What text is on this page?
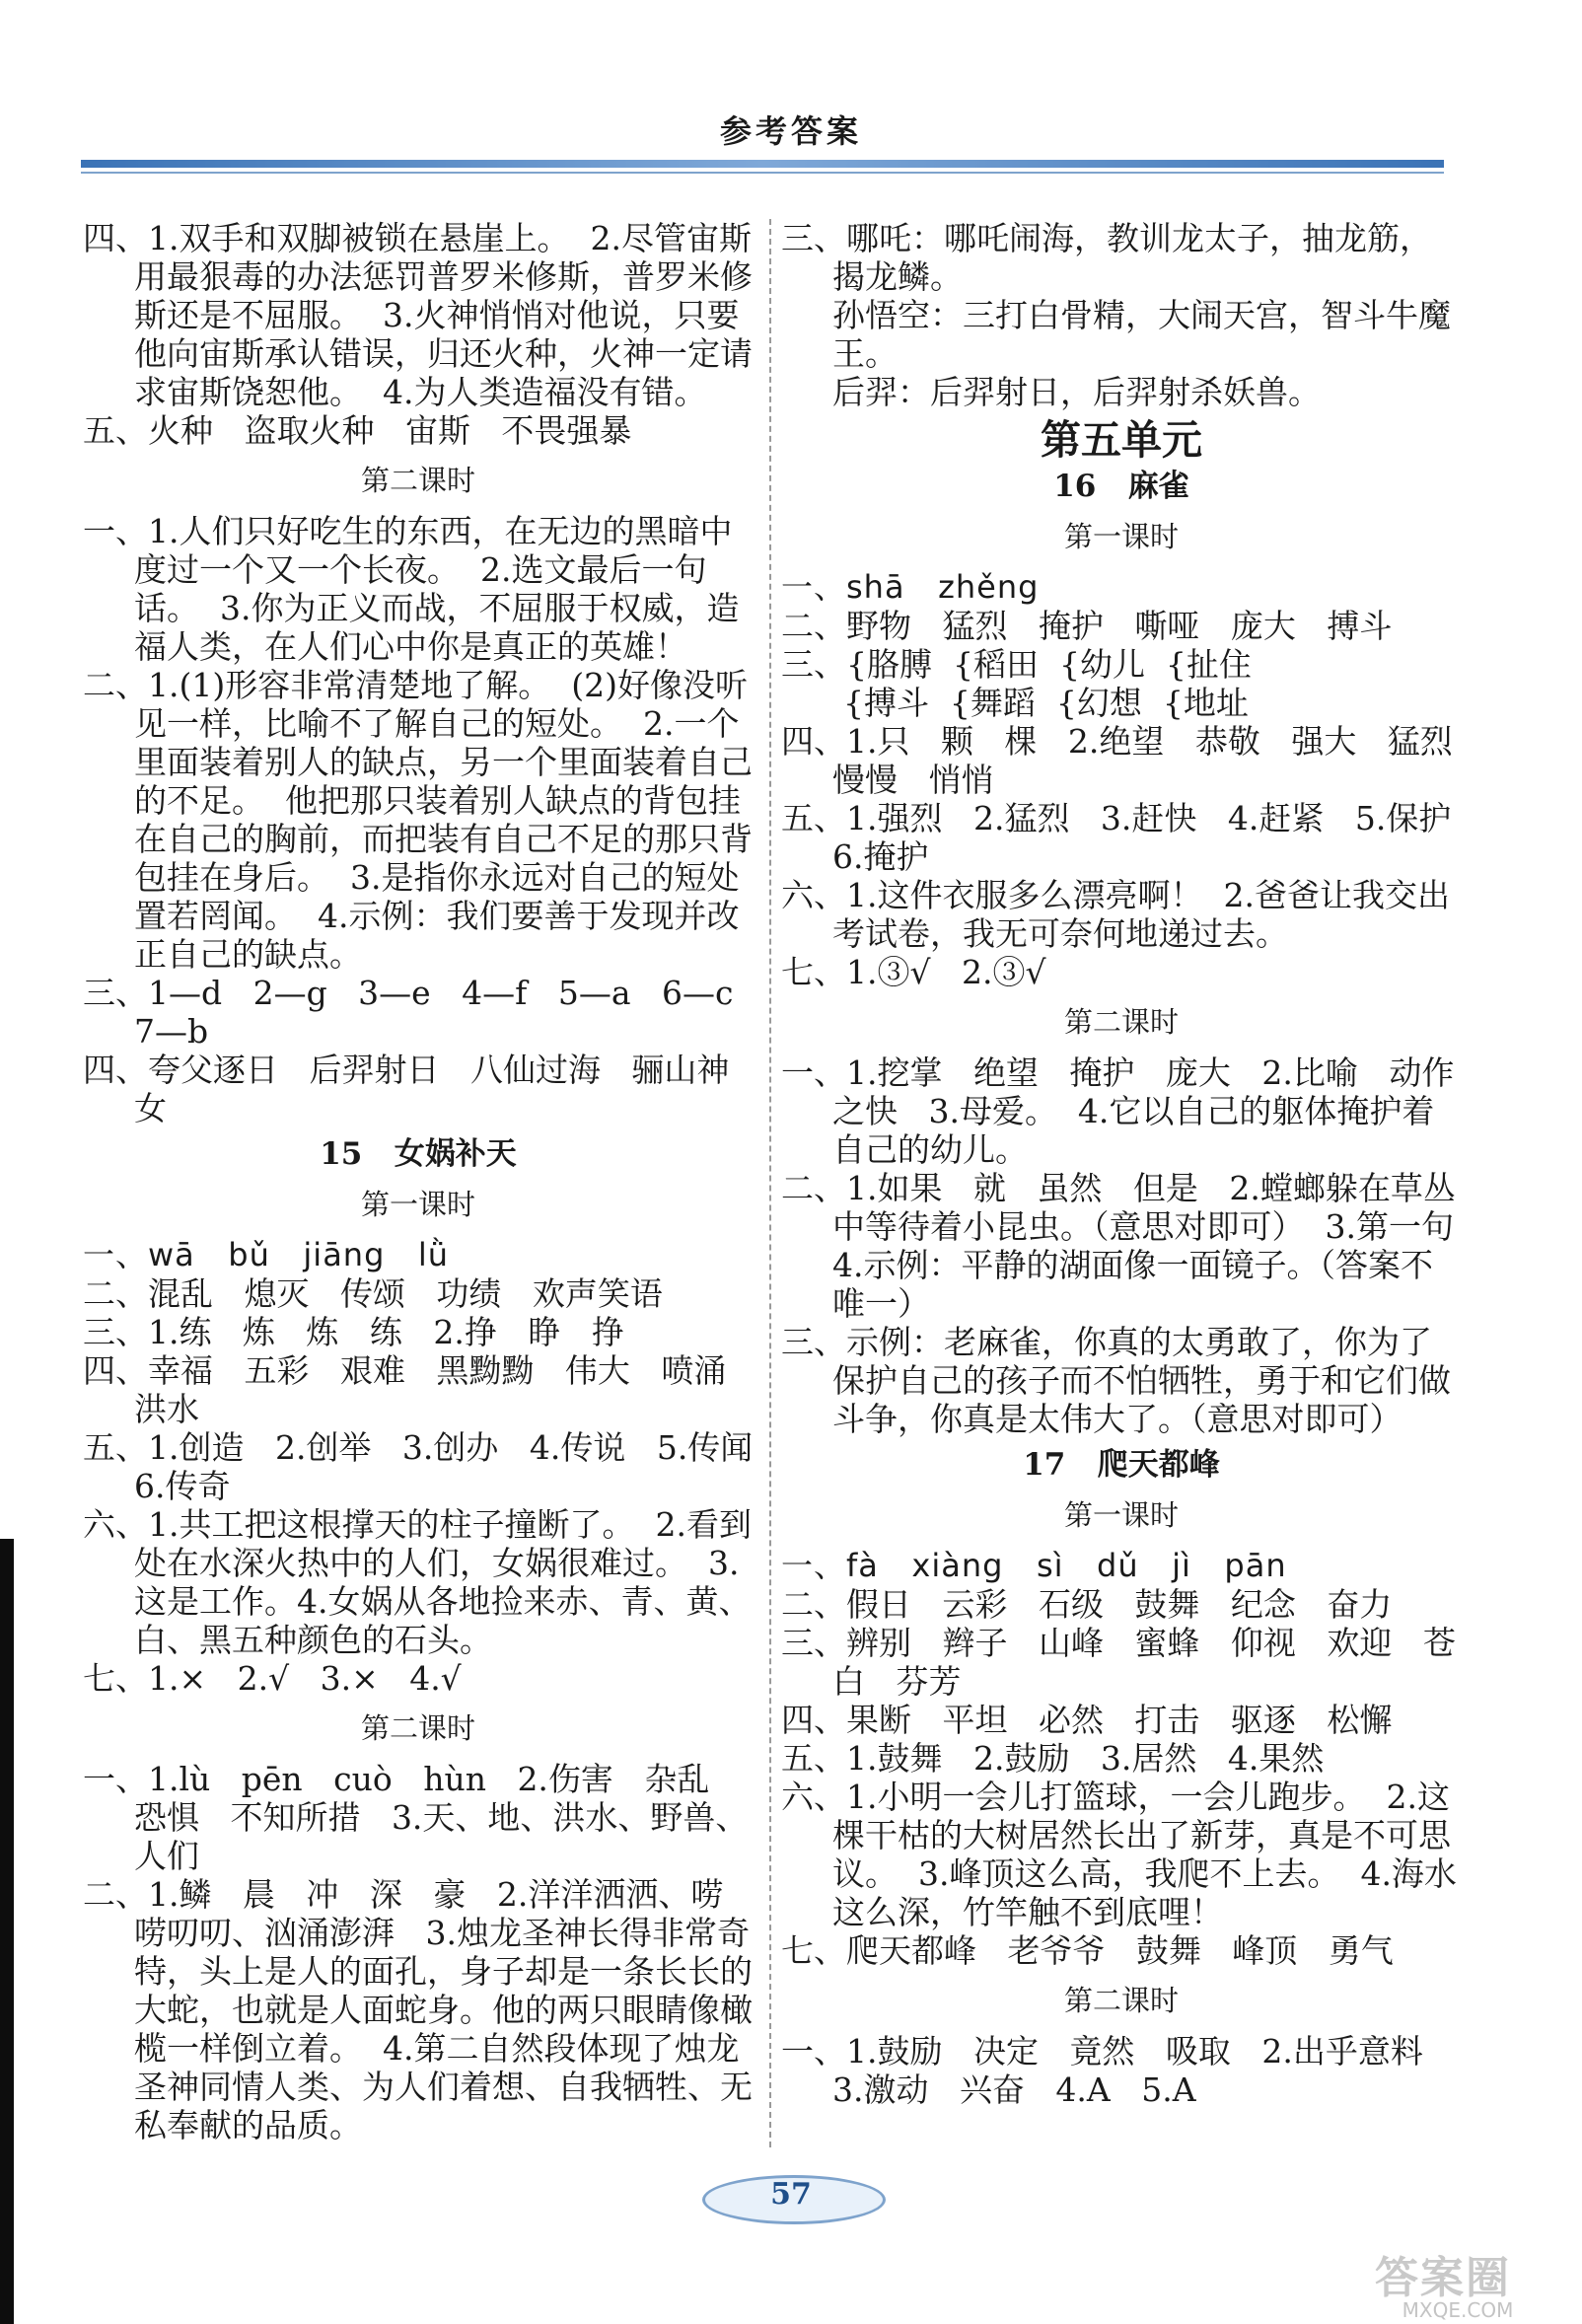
参考答案
四、1.双手和双脚被锁在悬崖上。  2.尽管宙斯用最狠毒的办法惩罚普罗米修斯，普罗米修斯还是不屈服。  3.火神悄悄对他说，只要他向宙斯承认错误，归还火种，火神一定请求宙斯饶恕他。  4.为人类造福没有错。
五、火种   盗取火种   宙斯   不畏强暴
第二课时
一、1.人们只好吃生的东西，在无边的黑暗中度过一个又一个长夜。  2.选文最后一句话。  3.你为正义而战，不屈服于权威，造福人类，在人们心中你是真正的英雄！
二、1.(1)形容非常清楚地了解。  (2)好像没听见一样，比喻不了解自己的短处。  2.一个里面装着别人的缺点，另一个里面装着自己的不足。  他把那只装着别人缺点的背包挂在自己的胸前，而把装有自己不足的那只背包挂在身后。  3.是指你永远对自己的短处置若罔闻。  4.示例：我们要善于发现并改正自己的缺点。
三、1—d   2—g   3—e   4—f   5—a   6—c   7—b
四、夸父逐日   后羿射日   八仙过海   骊山神女
15   女娲补天
第一课时
一、wā   bǔ   jiāng   lǜ
二、混乱   熄灭   传颂   功绩   欢声笑语
三、1.练   炼   炼   练   2.挣   睁   挣
四、幸福   五彩   艰难   黑黝黝   伟大   喷涌   洪水
五、1.创造   2.创举   3.创办   4.传说   5.传闻   6.传奇
六、1.共工把这根撑天的柱子撞断了。  2.看到处在水深火热中的人们，女娲很难过。  3.这是工作。4.女娲从各地捡来赤、青、黄、白、黑五种颜色的石头。
七、1.×   2.√   3.×   4.√
第二课时
一、1.lù   pēn   cuò   hùn   2.伤害   杂乱   恐惧   不知所措   3.天、地、洪水、野兽、人们
二、1.鳞   晨   冲   深   豪   2.洋洋洒洒、唠唠叨叨、汹涌澎湃   3.烛龙圣神长得非常奇特，头上是人的面孔，身子却是一条长长的大蛇，也就是人面蛇身。他的两只眼睛像橄榄一样倒立着。  4.第二自然段体现了烛龙圣神同情人类、为人们着想、自我牺牲、无私奉献的品质。
三、哪吒：哪吒闹海，教训龙太子，抽龙筋，揭龙鳞。
孙悟空：三打白骨精，大闹天宫，智斗牛魔王。
后羿：后羿射日，后羿射杀妖兽。
第五单元
16   麻雀
第一课时
一、shā   zhěng
二、野物   猛烈   掩护   嘶哑   庞大   搏斗
三、{胳膊  {稻田  {幼儿  {扯住
{搏斗  {舞蹈  {幻想  {地址
四、1.只   颗   棵   2.绝望   恭敬   强大   猛烈   慢慢   悄悄
五、1.强烈   2.猛烈   3.赶快   4.赶紧   5.保护   6.掩护
六、1.这件衣服多么漂亮啊！  2.爸爸让我交出考试卷，我无可奈何地递过去。
七、1.③√   2.③√
第二课时
一、1.挖掌   绝望   掩护   庞大   2.比喻   动作之快   3.母爱。  4.它以自己的躯体掩护着自己的幼儿。
二、1.如果   就   虽然   但是   2.螳螂躲在草丛中等待着小昆虫。（意思对即可）  3.第一句   4.示例：平静的湖面像一面镜子。（答案不唯一）
三、示例：老麻雀，你真的太勇敢了，你为了保护自己的孩子而不怕牺牲，勇于和它们做斗争，你真是太伟大了。（意思对即可）
17   爬天都峰
第一课时
一、fà   xiàng   sì   dǔ   jì   pān
二、假日   云彩   石级   鼓舞   纪念   奋力
三、辨别   辫子   山峰   蜜蜂   仰视   欢迎   苍白   芬芳
四、果断   平坦   必然   打击   驱逐   松懈
五、1.鼓舞   2.鼓励   3.居然   4.果然
六、1.小明一会儿打篮球，一会儿跑步。  2.这棵干枯的大树居然长出了新芽，真是不可思议。  3.峰顶这么高，我爬不上去。  4.海水这么深，竹竿触不到底哩！
七、爬天都峰   老爷爷   鼓舞   峰顶   勇气
第二课时
一、1.鼓励   决定   竟然   吸取   2.出乎意料   3.激动   兴奋   4.A   5.A
57
答案圈
MXQE.COM
